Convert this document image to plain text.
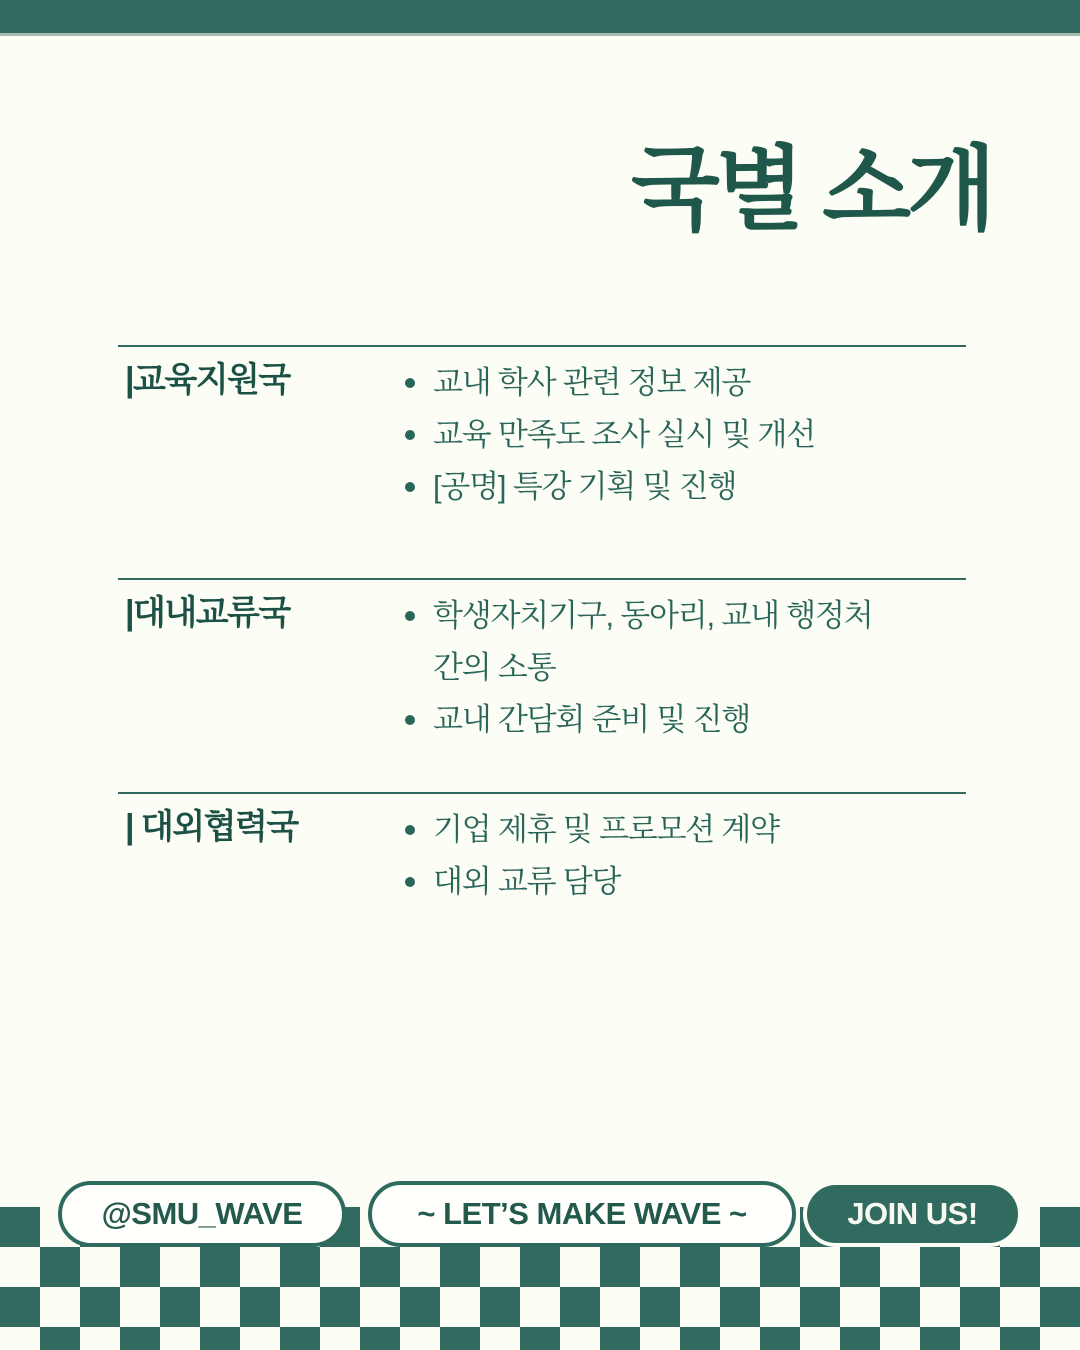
국별 소개
|교육지원국	교내 학사 관련 정보 제공
교육 만족도 조사 실시 및 개선
[공명] 특강 기획 및 진행
|대내교류국	학생자치기구, 동아리, 교내 행정처 간의 소통
교내 간담회 준비 및 진행
| 대외협력국	기업 제휴 및 프로모션 계약
대외 교류 담당
@SMU_WAVE	~ LET’S MAKE WAVE ~	JOIN US!
